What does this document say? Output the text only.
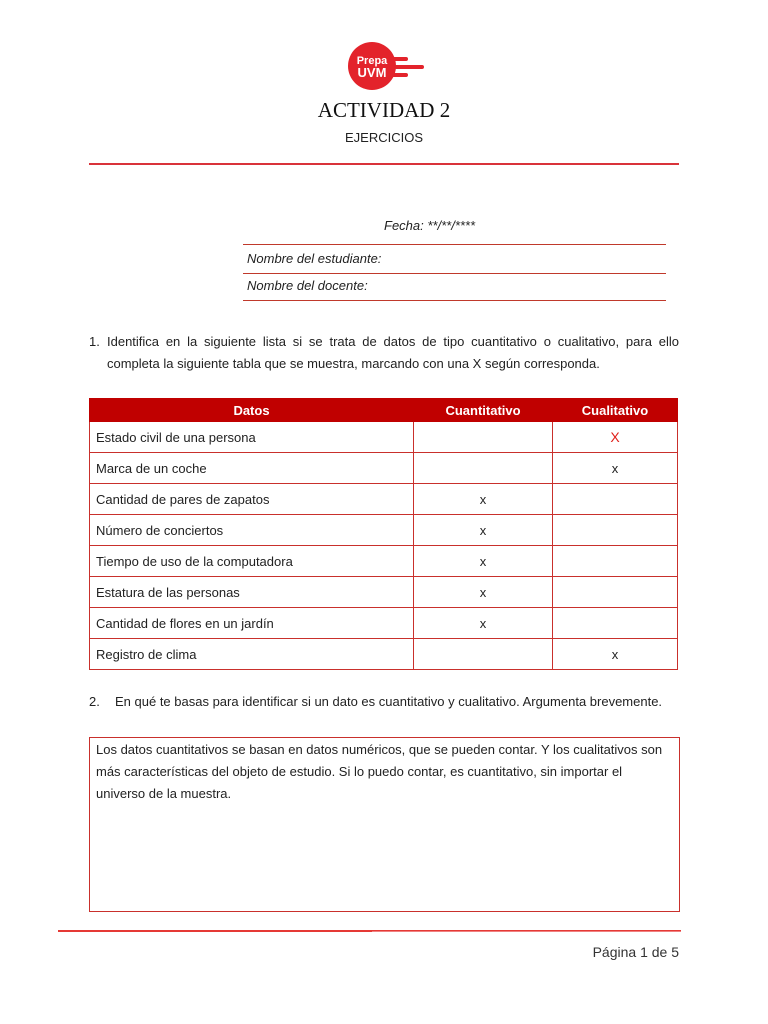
Prepa
UVM
ACTIVIDAD 2
EJERCICIOS
Fecha: **/**/****
Nombre del estudiante:
Nombre del docente:
1. Identifica en la siguiente lista si se trata de datos de tipo cuantitativo o cualitativo, para ello completa la siguiente tabla que se muestra, marcando con una X según corresponda.
Datos	Cuantitativo	Cualitativo
Estado civil de una persona		X
Marca de un coche		x
Cantidad de pares de zapatos	x	
Número de conciertos	x	
Tiempo de uso de la computadora	x	
Estatura de las personas	x	
Cantidad de flores en un jardín	x	
Registro de clima		x
2.	En qué te basas para identificar si un dato es cuantitativo y cualitativo. Argumenta brevemente.
Los datos cuantitativos se basan en datos numéricos, que se pueden contar. Y los cualitativos son más características del objeto de estudio. Si lo puedo contar, es cuantitativo, sin importar el universo de la muestra.
Página 1 de 5
